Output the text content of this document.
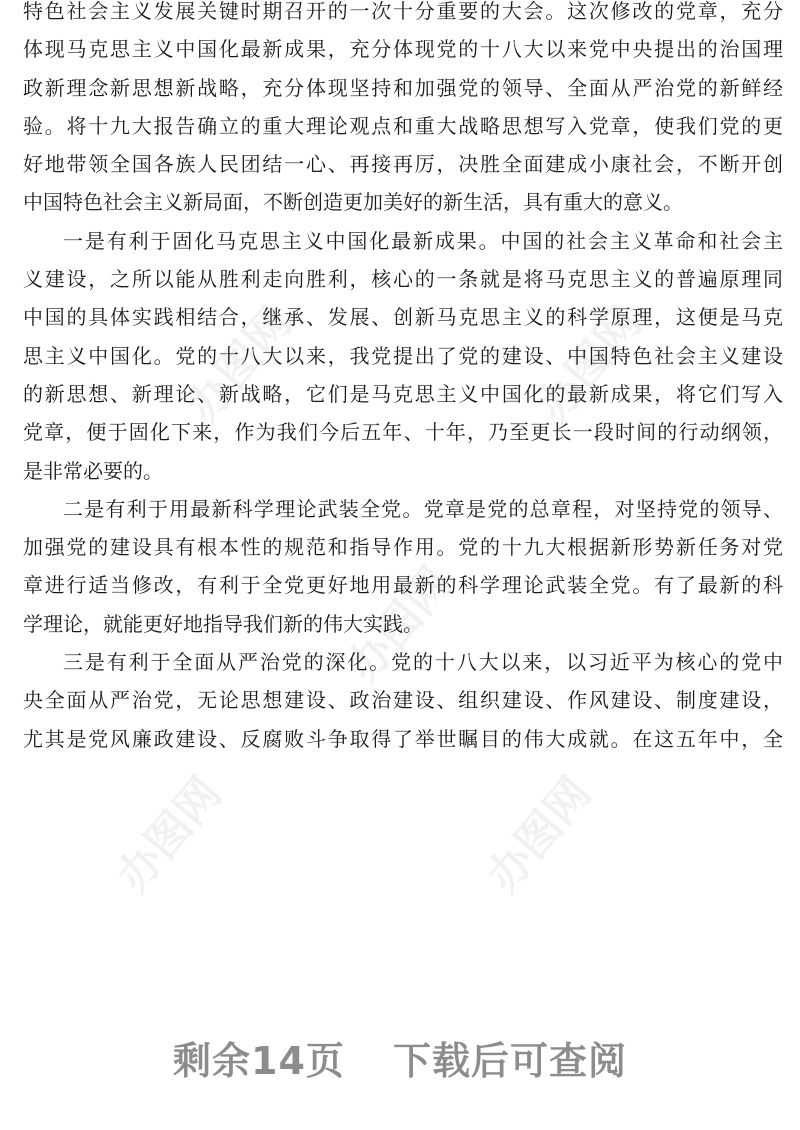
办图网	办图网
办图网
办图网	办图网
特色社会主义发展关键时期召开的一次十分重要的大会。这次修改的党章，充分
体现马克思主义中国化最新成果，充分体现党的十八大以来党中央提出的治国理
政新理念新思想新战略，充分体现坚持和加强党的领导、全面从严治党的新鲜经
验。将十九大报告确立的重大理论观点和重大战略思想写入党章，使我们党的更
好地带领全国各族人民团结一心、再接再厉，决胜全面建成小康社会，不断开创
中国特色社会主义新局面，不断创造更加美好的新生活，具有重大的意义。
一是有利于固化马克思主义中国化最新成果。中国的社会主义革命和社会主
义建设，之所以能从胜利走向胜利，核心的一条就是将马克思主义的普遍原理同
中国的具体实践相结合，继承、发展、创新马克思主义的科学原理，这便是马克
思主义中国化。党的十八大以来，我党提出了党的建设、中国特色社会主义建设
的新思想、新理论、新战略，它们是马克思主义中国化的最新成果，将它们写入
党章，便于固化下来，作为我们今后五年、十年，乃至更长一段时间的行动纲领，
是非常必要的。
二是有利于用最新科学理论武装全党。党章是党的总章程，对坚持党的领导、
加强党的建设具有根本性的规范和指导作用。党的十九大根据新形势新任务对党
章进行适当修改，有利于全党更好地用最新的科学理论武装全党。有了最新的科
学理论，就能更好地指导我们新的伟大实践。
三是有利于全面从严治党的深化。党的十八大以来，以习近平为核心的党中
央全面从严治党，无论思想建设、政治建设、组织建设、作风建设、制度建设，
尤其是党风廉政建设、反腐败斗争取得了举世瞩目的伟大成就。在这五年中，全
剩余14页 下载后可查阅
